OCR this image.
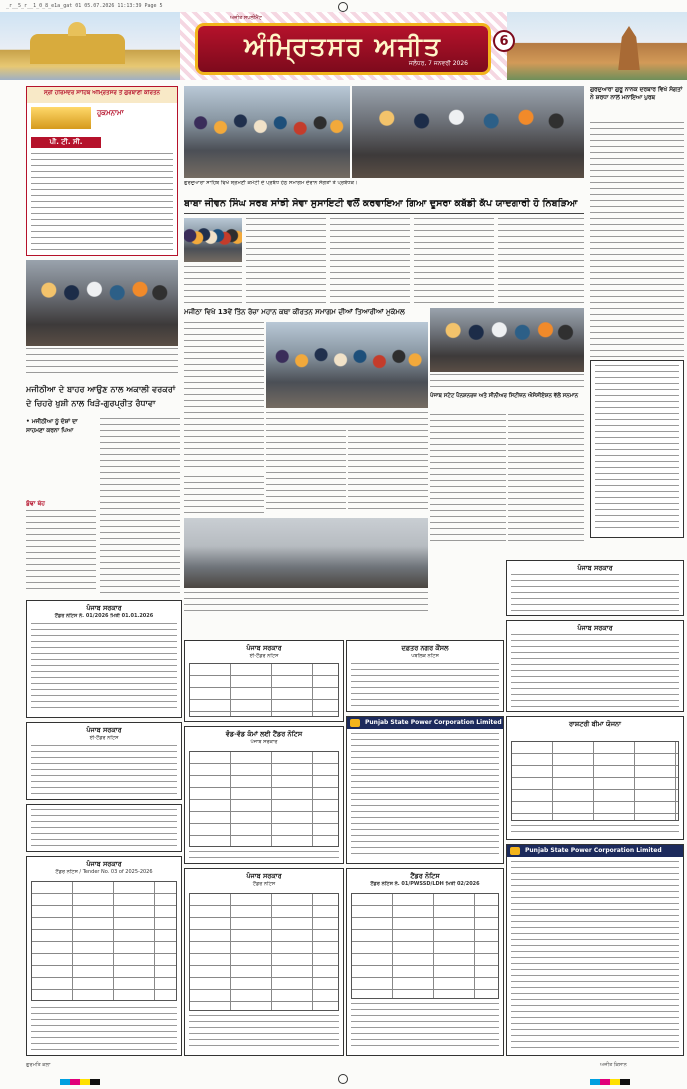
_r__5_r__1_0_8_e1a_gat 01 05.07.2026 11:13:39 Page 5
ਅਜੀਤ ਸਪਲੀਮੈਂਟ
ਅੰਮ੍ਰਿਤਸਰ ਅਜੀਤ
ਜਲੰਧਰ, 7 ਜਨਵਰੀ 2026
6
ਸ੍ਰੀ ਹਰਿਮੰਦਰ ਸਾਹਿਬ ਅੰਮ੍ਰਿਤਸਰ ਤੋਂ ਗੁਰਬਾਣੀ ਕੀਰਤਨ
ਹੁਕਮਨਾਮਾ
ਪੀ. ਟੀ. ਸੀ.
ਗੁਰਦੁਆਰਾ ਸਾਹਿਬ ਵਿਖੇ ਸ਼੍ਰੋਮਣੀ ਕਮੇਟੀ ਦੇ ਪ੍ਰਬੰਧ ਹੇਠ ਸਮਾਗਮ ਦੌਰਾਨ ਸੰਗਤਾਂ ਤੇ ਪ੍ਰਬੰਧਕ।
ਬਾਬਾ ਜੀਵਨ ਸਿੰਘ ਸਰਬ ਸਾਂਝੀ ਸੇਵਾ ਸੁਸਾਇਟੀ ਵਲੋਂ ਕਰਵਾਇਆ ਗਿਆ ਦੂਸਰਾ ਕਬੱਡੀ ਕੱਪ ਯਾਦਗਾਰੀ ਹੋ ਨਿਬੜਿਆ
ਗੁਰਦੁਆਰਾ ਗੁਰੂ ਨਾਨਕ ਦਰਬਾਰ ਵਿਖੇ ਸੰਗਤਾਂ ਨੇ ਸ਼ਰਧਾ ਨਾਲ ਮਨਾਇਆ ਪੁਰਬ
ਮਜੀਠੀਆ ਦੇ ਬਾਹਰ ਆਉਣ ਨਾਲ ਅਕਾਲੀ ਵਰਕਰਾਂ
ਦੇ ਚਿਹਰੇ ਖੁਸ਼ੀ ਨਾਲ ਖਿੜੇ-ਗੁਰਪ੍ਰੀਤ ਰੰਧਾਵਾ
• ਮਜੀਠੀਆ ਨੂੰ ਦੋਸ਼ਾਂ ਦਾ ਸਾਹਮਣਾ ਕਰਨਾ ਪਿਆ
ਬੁੱਢਾ ਥੇਹ
ਮਜੀਠਾ ਵਿਖੇ 13ਵੇਂ ਤਿੰਨ ਰੋਜ਼ਾ ਮਹਾਨ ਕਥਾ ਕੀਰਤਨ ਸਮਾਗਮ ਦੀਆਂ ਤਿਆਰੀਆਂ ਮੁਕੰਮਲ
ਪੰਜਾਬ ਸਟੇਟ ਪੈਨਸ਼ਨਰਜ਼ ਅਤੇ ਸੀਨੀਅਰ ਸਿਟੀਜ਼ਨ ਐਸੋਸੀਏਸ਼ਨ ਵੱਲੋਂ ਸਨਮਾਨ
ਪੰਜਾਬ ਸਰਕਾਰ
ਟੈਂਡਰ ਨੋਟਿਸ ਨੰ. 01/2026 ਮਿਤੀ 01.01.2026
ਪੰਜਾਬ ਸਰਕਾਰ
ਈ-ਟੈਂਡਰ ਨੋਟਿਸ
ਪੰਜਾਬ ਸਰਕਾਰ
ਟੈਂਡਰ ਨੋਟਿਸ / Tender No. 03 of 2025-2026
ਪੰਜਾਬ ਸਰਕਾਰ
ਈ-ਟੈਂਡਰ ਨੋਟਿਸ
ਦਫ਼ਤਰ ਨਗਰ ਕੌਂਸਲ
ਪਬਲਿਕ ਨੋਟਿਸ
ਵੰਡ-ਵੱਡ ਕੰਮਾਂ ਲਈ ਟੈਂਡਰ ਨੋਟਿਸ
ਪੰਜਾਬ ਸਰਕਾਰ
Punjab State Power Corporation Limited
ਪੰਜਾਬ ਸਰਕਾਰ
ਟੈਂਡਰ ਨੋਟਿਸ
ਟੈਂਡਰ ਨੋਟਿਸ
ਟੈਂਡਰ ਨੋਟਿਸ ਨੰ. 01/PWSSD/LDH ਮਿਤੀ 02/2026
ਪੰਜਾਬ ਸਰਕਾਰ
ਪੰਜਾਬ ਸਰਕਾਰ
ਰਾਸ਼ਟਰੀ ਬੀਮਾ ਯੋਜਨਾ
Punjab State Power Corporation Limited
ਗੁਰਮਤਿ ਕਲਾ	ਅਜੀਤ ਕਿਸਾਨ
